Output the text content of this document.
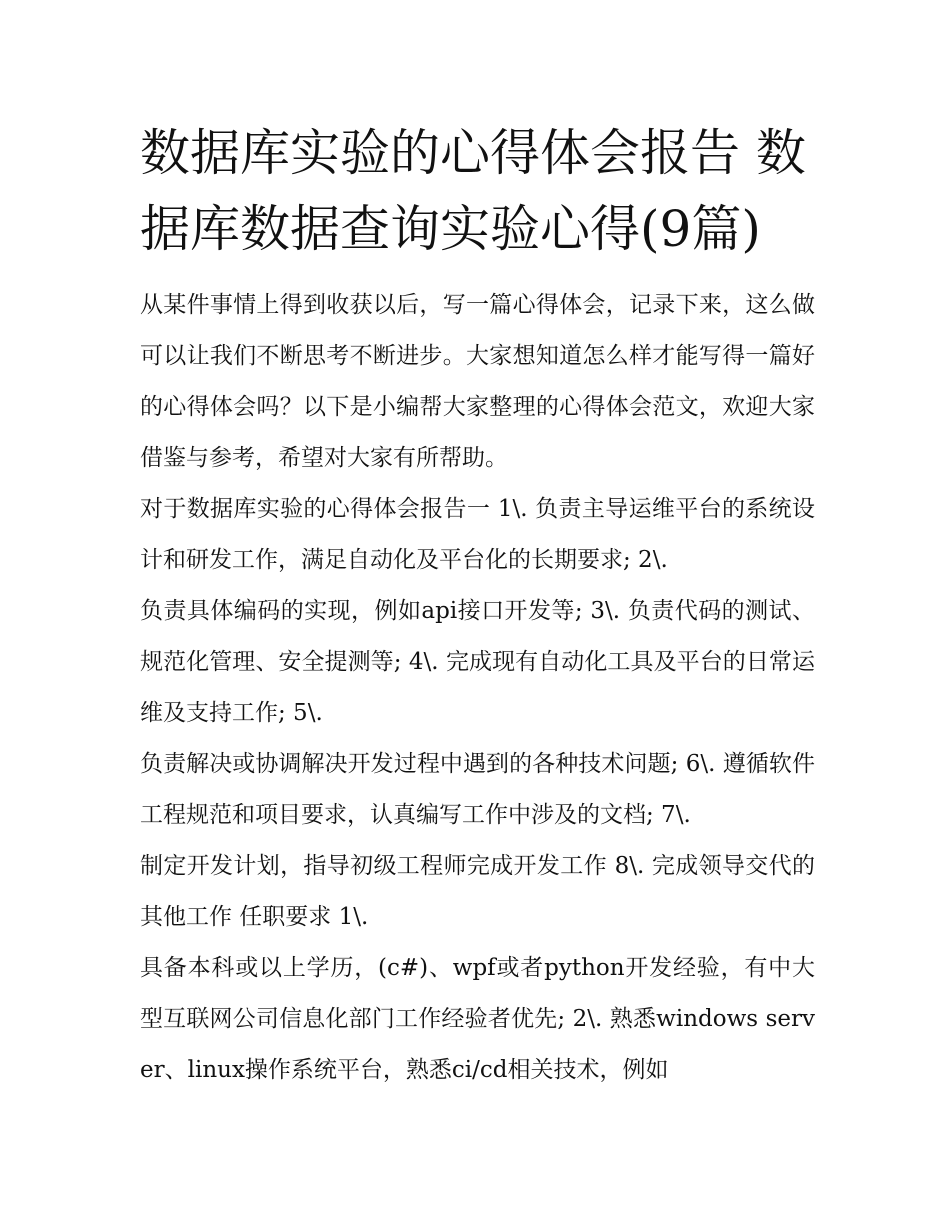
数据库实验的心得体会报告 数据库数据查询实验心得(9篇)

从某件事情上得到收获以后，写一篇心得体会，记录下来，这么做可以让我们不断思考不断进步。大家想知道怎么样才能写得一篇好的心得体会吗？以下是小编帮大家整理的心得体会范文，欢迎大家借鉴与参考，希望对大家有所帮助。

对于数据库实验的心得体会报告一 1\. 负责主导运维平台的系统设计和研发工作，满足自动化及平台化的长期要求; 2\.

负责具体编码的实现，例如api接口开发等; 3\. 负责代码的测试、规范化管理、安全提测等; 4\. 完成现有自动化工具及平台的日常运维及支持工作; 5\.

负责解决或协调解决开发过程中遇到的各种技术问题; 6\. 遵循软件工程规范和项目要求，认真编写工作中涉及的文档; 7\.

制定开发计划，指导初级工程师完成开发工作 8\. 完成领导交代的其他工作 任职要求 1\.

具备本科或以上学历，(c#)、wpf或者python开发经验，有中大型互联网公司信息化部门工作经验者优先; 2\. 熟悉windows server、linux操作系统平台，熟悉ci/cd相关技术，例如
